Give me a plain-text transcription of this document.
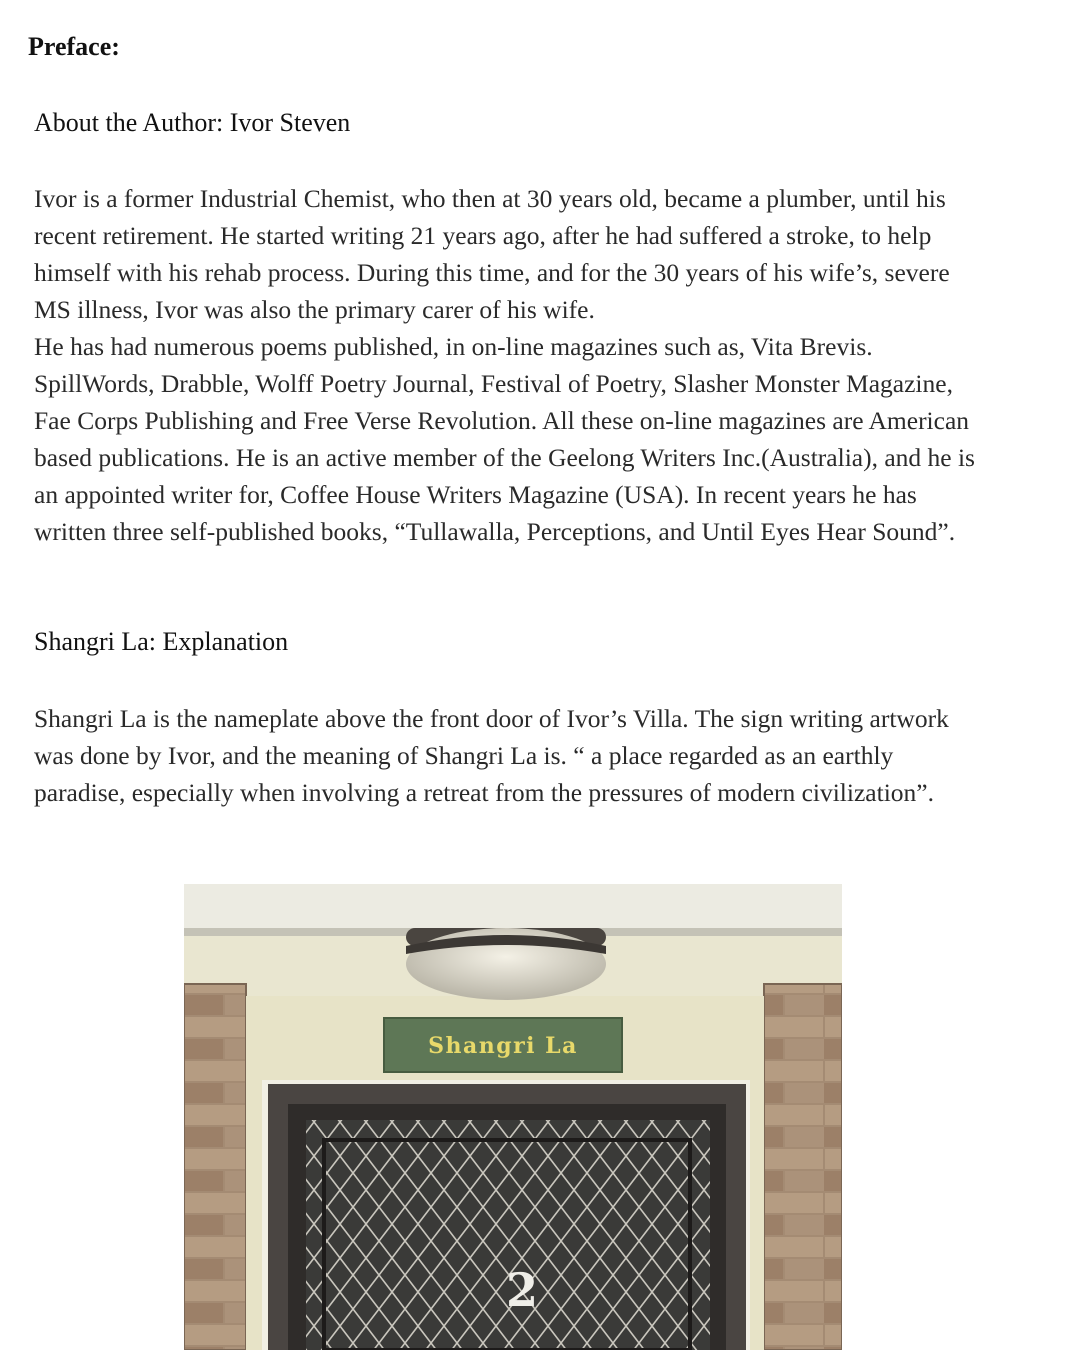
Preface:
About the Author: Ivor Steven

Ivor is a former Industrial Chemist, who then at 30 years old, became a plumber, until his
recent retirement. He started writing 21 years ago, after he had suffered a stroke, to help
himself with his rehab process. During this time, and for the 30 years of his wife’s, severe
MS illness, Ivor was also the primary carer of his wife.
He has had numerous poems published, in on-line magazines such as, Vita Brevis.
SpillWords, Drabble, Wolff Poetry Journal, Festival of Poetry, Slasher Monster Magazine,
Fae Corps Publishing and Free Verse Revolution. All these on-line magazines are American
based publications. He is an active member of the Geelong Writers Inc.(Australia), and he is
an appointed writer for, Coffee House Writers Magazine (USA). In recent years he has
written three self-published books, “Tullawalla, Perceptions, and Until Eyes Hear Sound”.

Shangri La: Explanation

Shangri La is the nameplate above the front door of Ivor’s Villa. The sign writing artwork
was done by Ivor, and the meaning of Shangri La is. “ a place regarded as an earthly
paradise, especially when involving a retreat from the pressures of modern civilization”.

Shangri La
2
